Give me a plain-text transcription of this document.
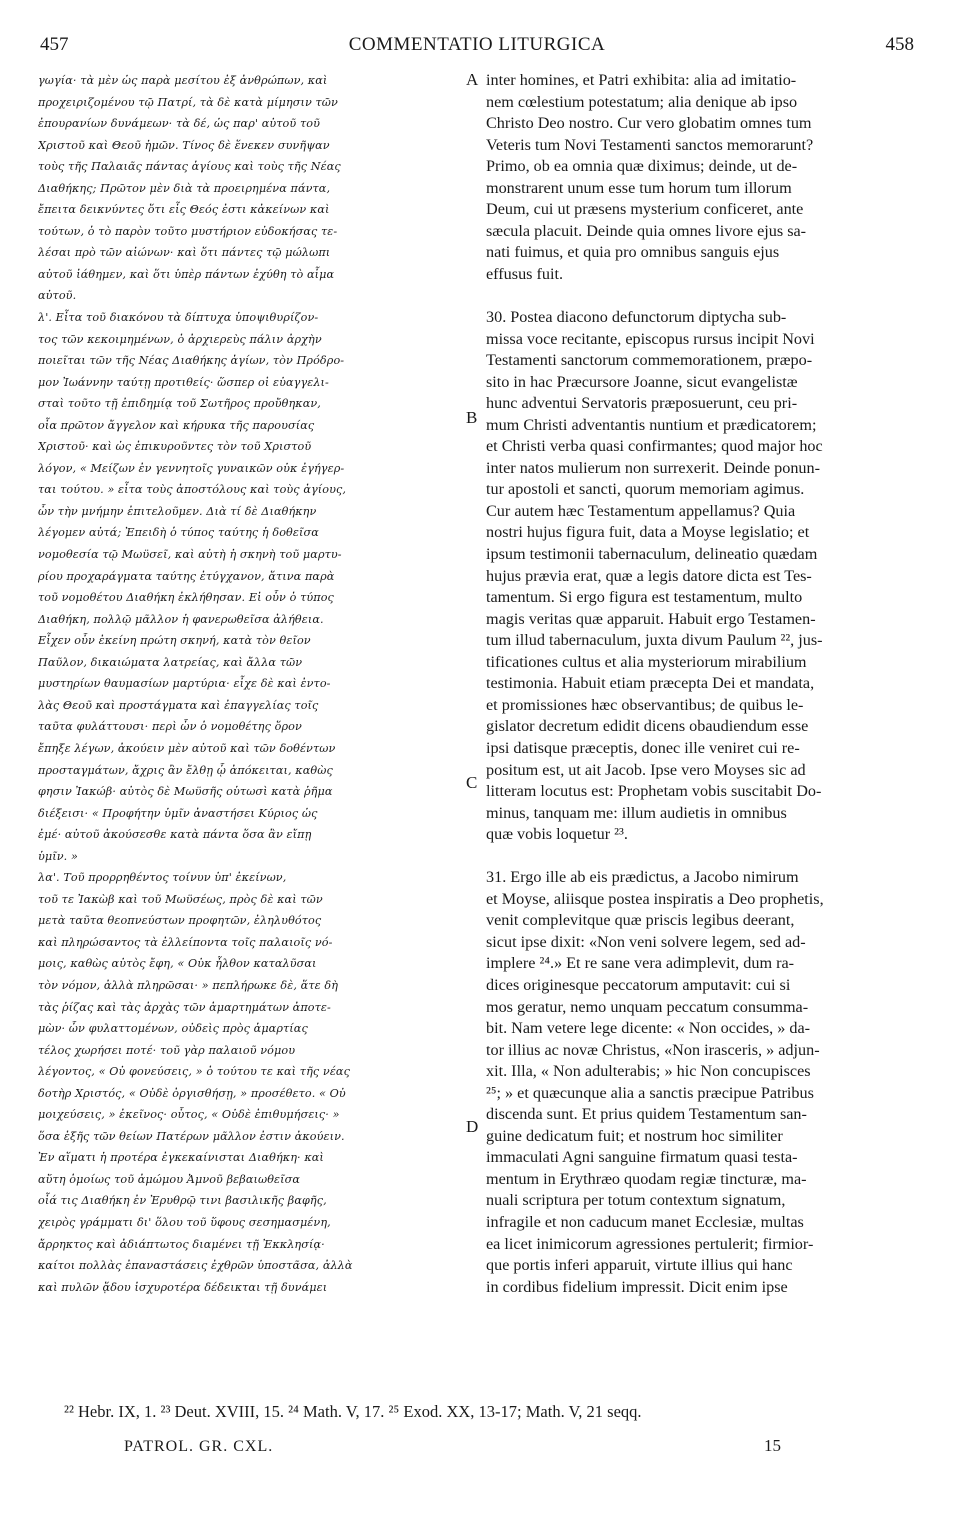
457	COMMENTATIO LITURGICA	458
γωγία· τὰ μὲν ὡς παρὰ μεσίτου ἐξ ἀνθρώπων, καὶ
προχειριζομένου τῷ Πατρί, τὰ δὲ κατὰ μίμησιν τῶν
ἐπουρανίων δυνάμεων· τὰ δέ, ὡς παρ' αὐτοῦ τοῦ
Χριστοῦ καὶ Θεοῦ ἡμῶν. Τίνος δὲ ἕνεκεν συνῆψαν
τοὺς τῆς Παλαιᾶς πάντας ἁγίους καὶ τοὺς τῆς Νέας
Διαθήκης; Πρῶτον μὲν διὰ τὰ προειρημένα πάντα,
ἔπειτα δεικνύντες ὅτι εἷς Θεός ἐστι κἀκείνων καὶ
τούτων, ὁ τὸ παρὸν τοῦτο μυστήριον εὐδοκήσας τε-
λέσαι πρὸ τῶν αἰώνων· καὶ ὅτι πάντες τῷ μώλωπι
αὐτοῦ ἰάθημεν, καὶ ὅτι ὑπὲρ πάντων ἐχύθη τὸ αἷμα
αὐτοῦ.
λ'. Εἶτα τοῦ διακόνου τὰ δίπτυχα ὑποψιθυρίζον-
τος τῶν κεκοιμημένων, ὁ ἀρχιερεὺς πάλιν ἀρχὴν
ποιεῖται τῶν τῆς Νέας Διαθήκης ἁγίων, τὸν Πρόδρο-
μον Ἰωάννην ταύτῃ προτιθείς· ὥσπερ οἱ εὐαγγελι-
σταὶ τοῦτο τῇ ἐπιδημίᾳ τοῦ Σωτῆρος προὔθηκαν,
οἷα πρῶτον ἄγγελον καὶ κήρυκα τῆς παρουσίας
Χριστοῦ· καὶ ὡς ἐπικυροῦντες τὸν τοῦ Χριστοῦ
λόγον, « Μείζων ἐν γεννητοῖς γυναικῶν οὐκ ἐγήγερ-
ται τούτου. » εἶτα τοὺς ἀποστόλους καὶ τοὺς ἁγίους,
ὧν τὴν μνήμην ἐπιτελοῦμεν. Διὰ τί δὲ Διαθήκην
λέγομεν αὐτά; Ἐπειδὴ ὁ τύπος ταύτης ἡ δοθεῖσα
νομοθεσία τῷ Μωϋσεῖ, καὶ αὐτὴ ἡ σκηνὴ τοῦ μαρτυ-
ρίου προχαράγματα ταύτης ἐτύγχανον, ἅτινα παρὰ
τοῦ νομοθέτου Διαθήκη ἐκλήθησαν. Εἰ οὖν ὁ τύπος
Διαθήκη, πολλῷ μᾶλλον ἡ φανερωθεῖσα ἀλήθεια.
Εἶχεν οὖν ἐκείνη πρώτη σκηνή, κατὰ τὸν θεῖον
Παῦλον, δικαιώματα λατρείας, καὶ ἄλλα τῶν
μυστηρίων θαυμασίων μαρτύρια· εἶχε δὲ καὶ ἐντο-
λὰς Θεοῦ καὶ προστάγματα καὶ ἐπαγγελίας τοῖς
ταῦτα φυλάττουσι· περὶ ὧν ὁ νομοθέτης ὅρον
ἔπηξε λέγων, ἀκούειν μὲν αὐτοῦ καὶ τῶν δοθέντων
προσταγμάτων, ἄχρις ἂν ἔλθῃ ᾧ ἀπόκειται, καθὼς
φησιν Ἰακώβ· αὐτὸς δὲ Μωϋσῆς οὑτωσὶ κατὰ ῥῆμα
διέξεισι· « Προφήτην ὑμῖν ἀναστήσει Κύριος ὡς
ἐμέ· αὐτοῦ ἀκούσεσθε κατὰ πάντα ὅσα ἂν εἴπῃ
ὑμῖν. »
λα'. Τοῦ προρρηθέντος τοίνυν ὑπ' ἐκείνων,
τοῦ τε Ἰακὼβ καὶ τοῦ Μωϋσέως, πρὸς δὲ καὶ τῶν
μετὰ ταῦτα θεοπνεύστων προφητῶν, ἐληλυθότος
καὶ πληρώσαντος τὰ ἐλλείποντα τοῖς παλαιοῖς νό-
μοις, καθὼς αὐτὸς ἔφη, « Οὐκ ἦλθον καταλῦσαι
τὸν νόμον, ἀλλὰ πληρῶσαι· » πεπλήρωκε δὲ, ἅτε δὴ
τὰς ῥίζας καὶ τὰς ἀρχὰς τῶν ἁμαρτημάτων ἀποτε-
μὼν· ὧν φυλαττομένων, οὐδεὶς πρὸς ἁμαρτίας
τέλος χωρήσει ποτέ· τοῦ γὰρ παλαιοῦ νόμου
λέγοντος, « Οὐ φονεύσεις, » ὁ τούτου τε καὶ τῆς νέας
δοτὴρ Χριστός, « Οὐδὲ ὀργισθήσῃ, » προσέθετο. « Οὐ
μοιχεύσεις, » ἐκεῖνος· οὗτος, « Οὐδὲ ἐπιθυμήσεις· »
ὅσα ἑξῆς τῶν θείων Πατέρων μᾶλλον ἐστιν ἀκούειν.
Ἐν αἵματι ἡ προτέρα ἐγκεκαίνισται Διαθήκη· καὶ
αὕτη ὁμοίως τοῦ ἀμώμου Ἀμνοῦ βεβαιωθεῖσα
οἷά τις Διαθήκη ἐν Ἐρυθρῷ τινι βασιλικῆς βαφῆς,
χειρὸς γράμματι δι' ὅλου τοῦ ὕφους σεσημασμένη,
ἄρρηκτος καὶ ἀδιάπτωτος διαμένει τῇ Ἐκκλησίᾳ·
καίτοι πολλὰς ἐπαναστάσεις ἐχθρῶν ὑποστᾶσα, ἀλλὰ
καὶ πυλῶν ᾅδου ἰσχυροτέρα δέδεικται τῇ δυνάμει
inter homines, et Patri exhibita: alia ad imitatio-
nem cœlestium potestatum; alia denique ab ipso
Christo Deo nostro. Cur vero globatim omnes tum
Veteris tum Novi Testamenti sanctos memorarunt?
Primo, ob ea omnia quæ diximus; deinde, ut de-
monstrarent unum esse tum horum tum illorum
Deum, cui ut præsens mysterium conficeret, ante
sæcula placuit. Deinde quia omnes livore ejus sa-
nati fuimus, et quia pro omnibus sanguis ejus
effusus fuit.
30. Postea diacono defunctorum diptycha sub-
missa voce recitante, episcopus rursus incipit Novi
Testamenti sanctorum commemorationem, præpo-
sito in hac Præcursore Joanne, sicut evangelistæ
hunc adventui Servatoris præposuerunt, ceu pri-
mum Christi adventantis nuntium et prædicatorem;
et Christi verba quasi confirmantes; quod major hoc
inter natos mulierum non surrexerit. Deinde ponun-
tur apostoli et sancti, quorum memoriam agimus.
Cur autem hæc Testamentum appellamus? Quia
nostri hujus figura fuit, data a Moyse legislatio; et
ipsum testimonii tabernaculum, delineatio quædam
hujus prævia erat, quæ a legis datore dicta est Tes-
tamentum. Si ergo figura est testamentum, multo
magis veritas quæ apparuit. Habuit ergo Testamen-
tum illud tabernaculum, juxta divum Paulum ²², jus-
tificationes cultus et alia mysteriorum mirabilium
testimonia. Habuit etiam præcepta Dei et mandata,
et promissiones hæc observantibus; de quibus le-
gislator decretum edidit dicens obaudiendum esse
ipsi datisque præceptis, donec ille veniret cui re-
positum est, ut ait Jacob. Ipse vero Moyses sic ad
litteram locutus est: Prophetam vobis suscitabit Do-
minus, tanquam me: illum audietis in omnibus
quæ vobis loquetur ²³.
31. Ergo ille ab eis prædictus, a Jacobo nimirum
et Moyse, aliisque postea inspiratis a Deo prophetis,
venit complevitque quæ priscis legibus deerant,
sicut ipse dixit: «Non veni solvere legem, sed ad-
implere ²⁴.» Et re sane vera adimplevit, dum ra-
dices originesque peccatorum amputavit: cui si
mos geratur, nemo unquam peccatum consumma-
bit. Nam vetere lege dicente: « Non occides, » da-
tor illius ac novæ Christus, «Non irasceris, » adjun-
xit. Illa, « Non adulterabis; » hic Non concupisces
²⁵; » et quæcunque alia a sanctis præcipue Patribus
discenda sunt. Et prius quidem Testamentum san-
guine dedicatum fuit; et nostrum hoc similiter
immaculati Agni sanguine firmatum quasi testa-
mentum in Erythræo quodam regiæ tincturæ, ma-
nuali scriptura per totum contextum signatum,
infragile et non caducum manet Ecclesiæ, multas
ea licet inimicorum agressiones pertulerit; firmior-
que portis inferi apparuit, virtute illius qui hanc
in cordibus fidelium impressit. Dicit enim ipse
A
B
C
D
²² Hebr. IX, 1. ²³ Deut. XVIII, 15. ²⁴ Math. V, 17. ²⁵ Exod. XX, 13-17; Math. V, 21 seqq.
PATROL. GR. CXL.	15
